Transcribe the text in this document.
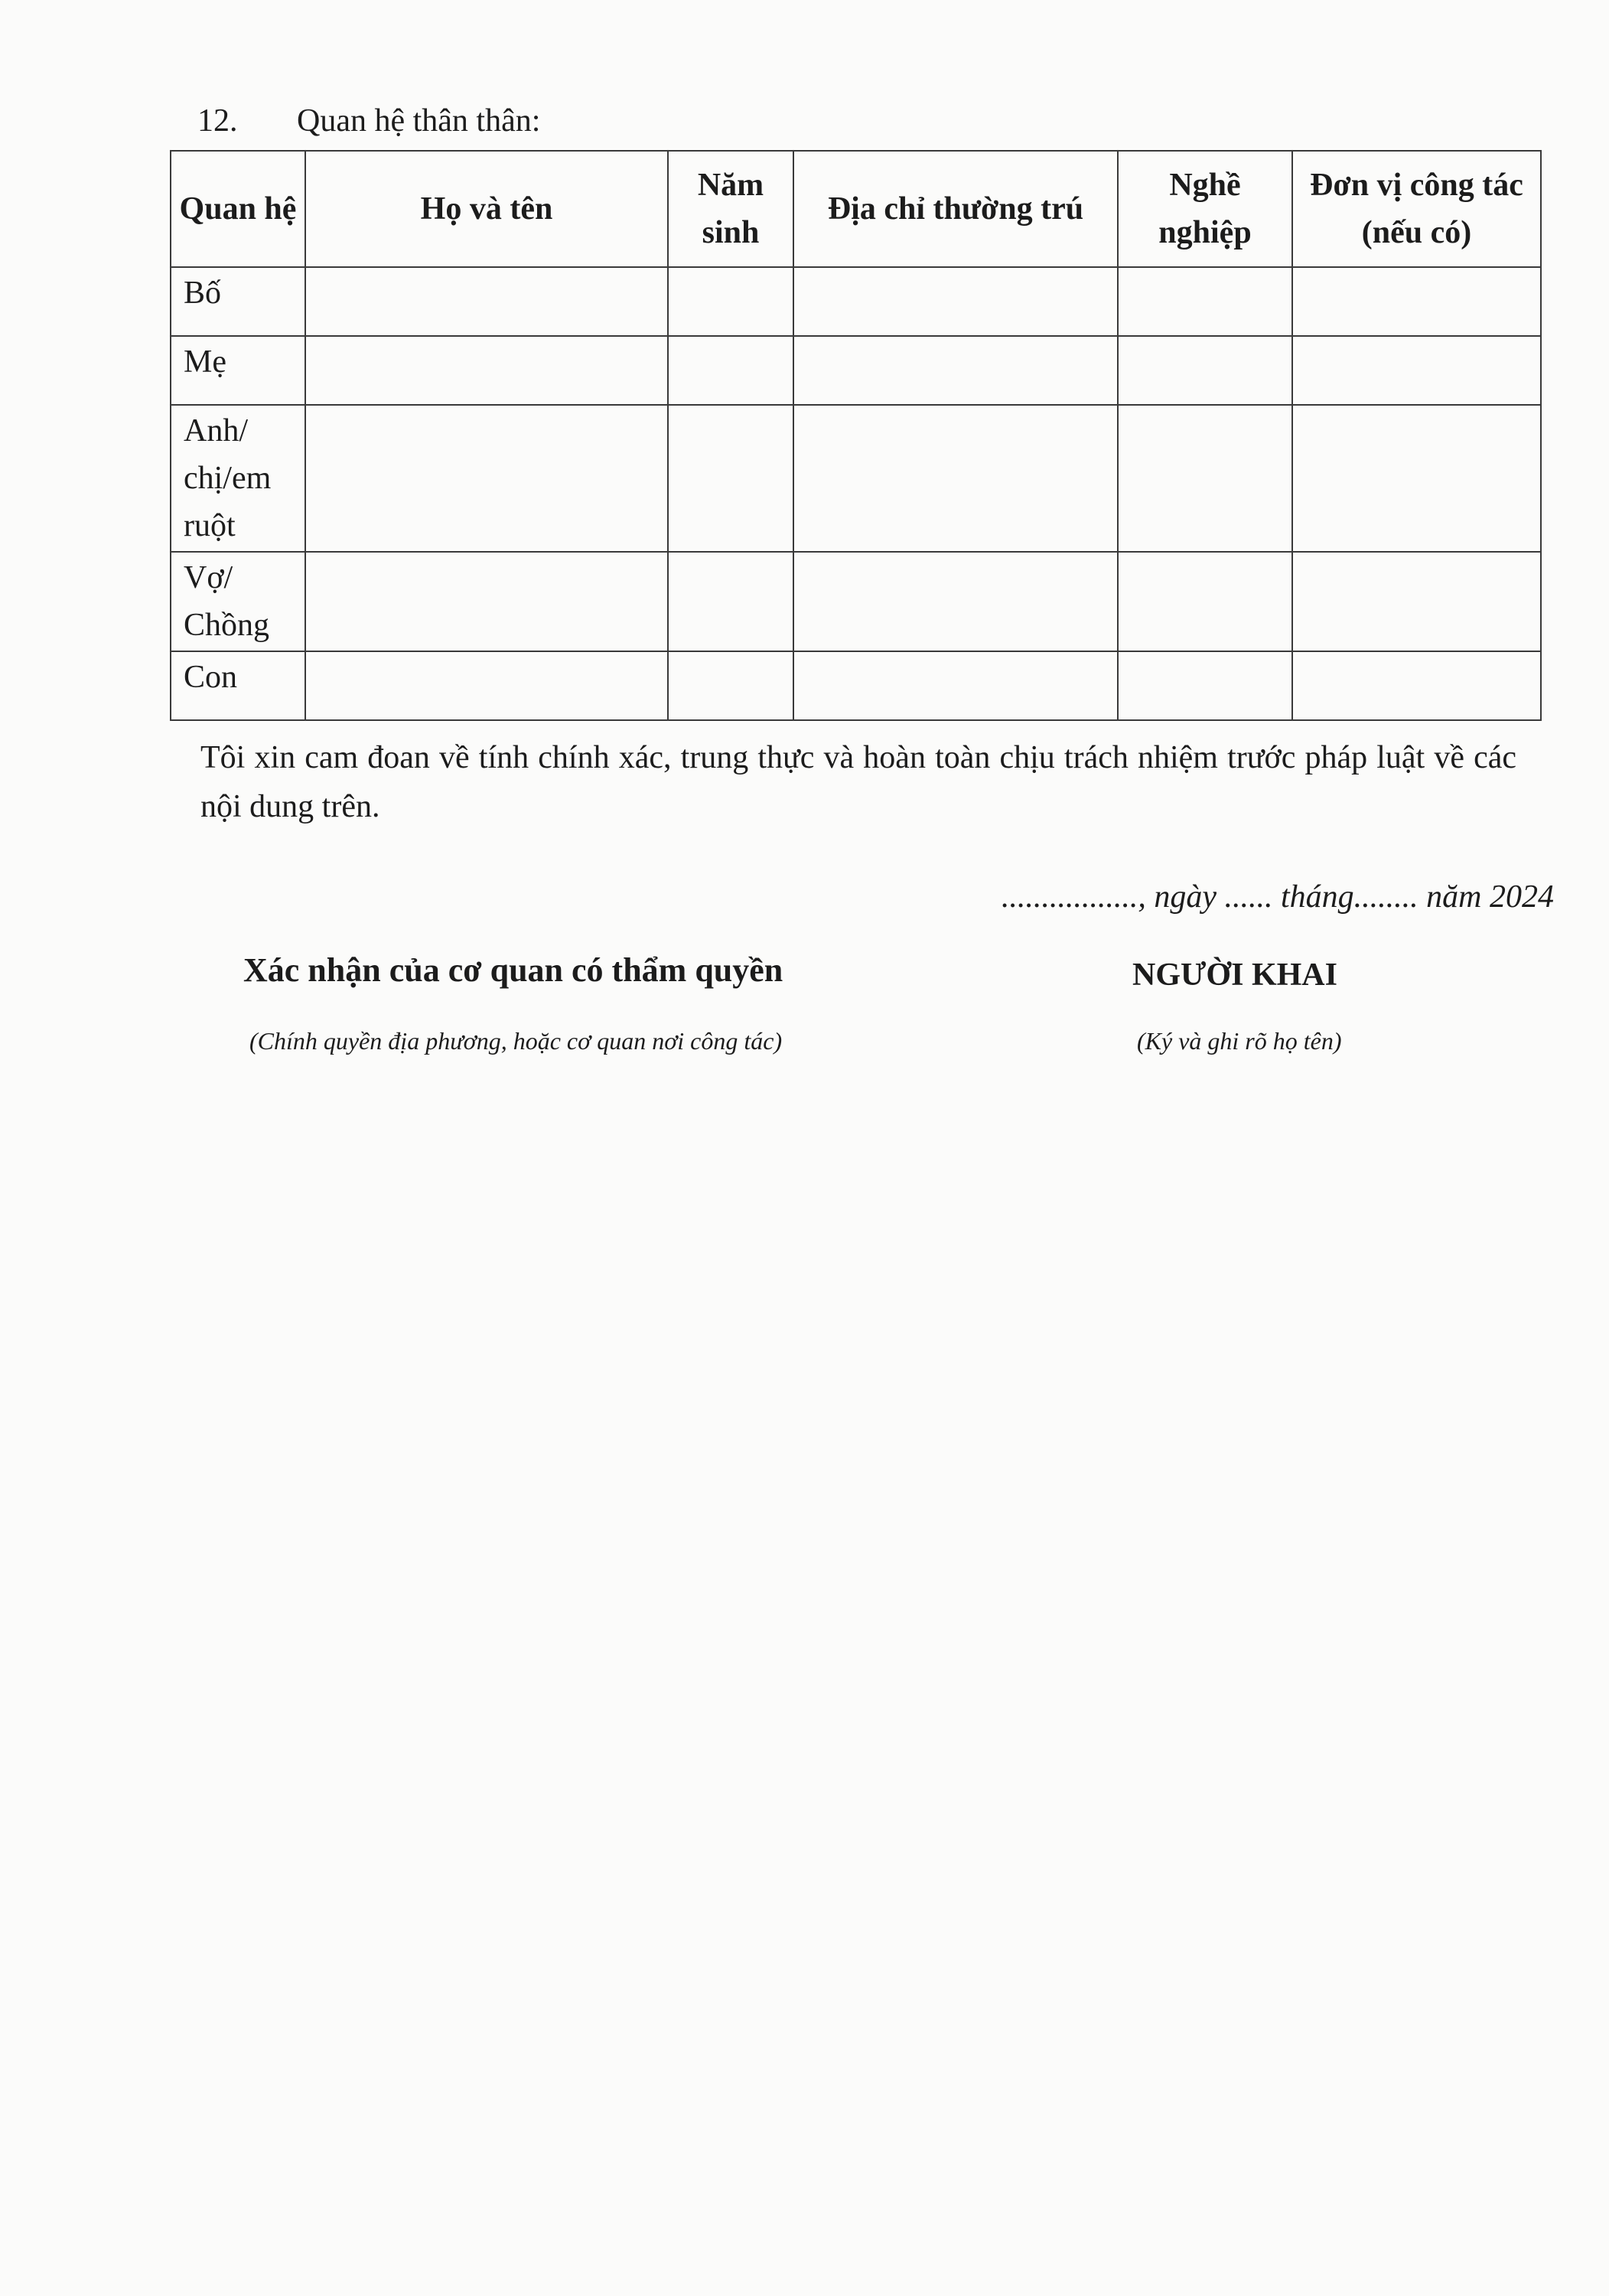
12. Quan hệ thân thân:
Quan hệ	Họ và tên	Năm sinh	Địa chỉ thường trú	Nghề nghiệp	Đơn vị công tác (nếu có)
Bố					
Mẹ					
Anh/ chị/em ruột					
Vợ/ Chồng					
Con					
Tôi xin cam đoan về tính chính xác, trung thực và hoàn toàn chịu trách nhiệm trước pháp luật về các nội dung trên.
................., ngày ...... tháng........ năm 2024
Xác nhận của cơ quan có thẩm quyền
(Chính quyền địa phương, hoặc cơ quan nơi công tác)
NGƯỜI KHAI
(Ký và ghi rõ họ tên)
